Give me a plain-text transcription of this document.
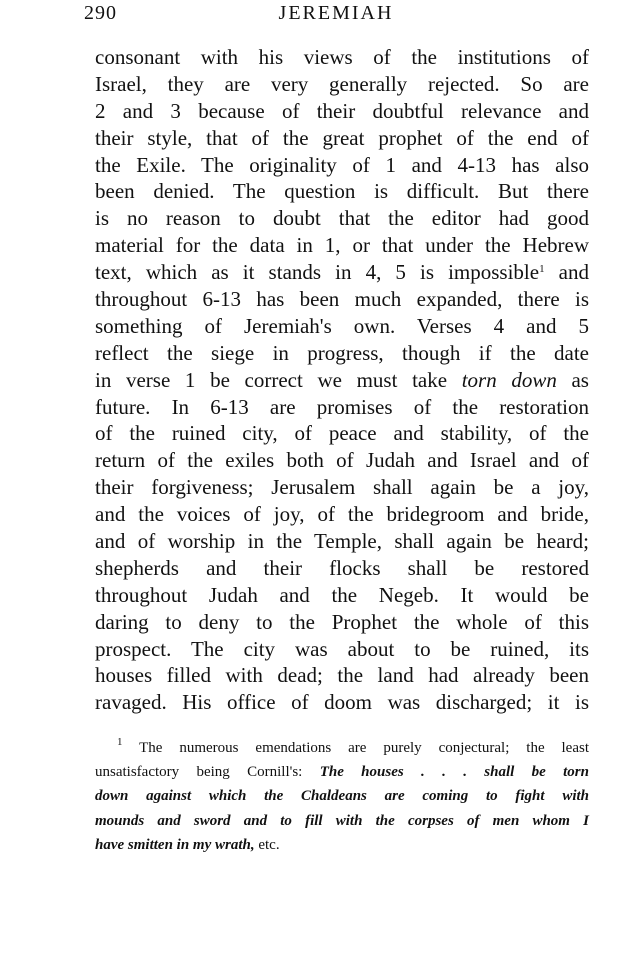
290	JEREMIAH
consonant with his views of the institutions of
Israel, they are very generally rejected. So are
2 and 3 because of their doubtful relevance and
their style, that of the great prophet of the end of
the Exile. The originality of 1 and 4-13 has also
been denied. The question is difficult. But there
is no reason to doubt that the editor had good
material for the data in 1, or that under the Hebrew
text, which as it stands in 4, 5 is impossible$^1$ and
throughout 6-13 has been much expanded, there is
something of Jeremiah's own. Verses 4 and 5
reflect the siege in progress, though if the date
in verse 1 be correct we must take torn down as
future. In 6-13 are promises of the restoration
of the ruined city, of peace and stability, of the
return of the exiles both of Judah and Israel and of
their forgiveness; Jerusalem shall again be a joy,
and the voices of joy, of the bridegroom and bride,
and of worship in the Temple, shall again be heard;
shepherds and their flocks shall be restored
throughout Judah and the Negeb. It would be
daring to deny to the Prophet the whole of this
prospect. The city was about to be ruined, its
houses filled with dead; the land had already been
ravaged. His office of doom was discharged; it is
$^1$ The numerous emendations are purely conjectural; the least
unsatisfactory being Cornill's: The houses . . . shall be torn
down against which the Chaldeans are coming to fight with
mounds and sword and to fill with the corpses of men whom I
have smitten in my wrath, etc.
